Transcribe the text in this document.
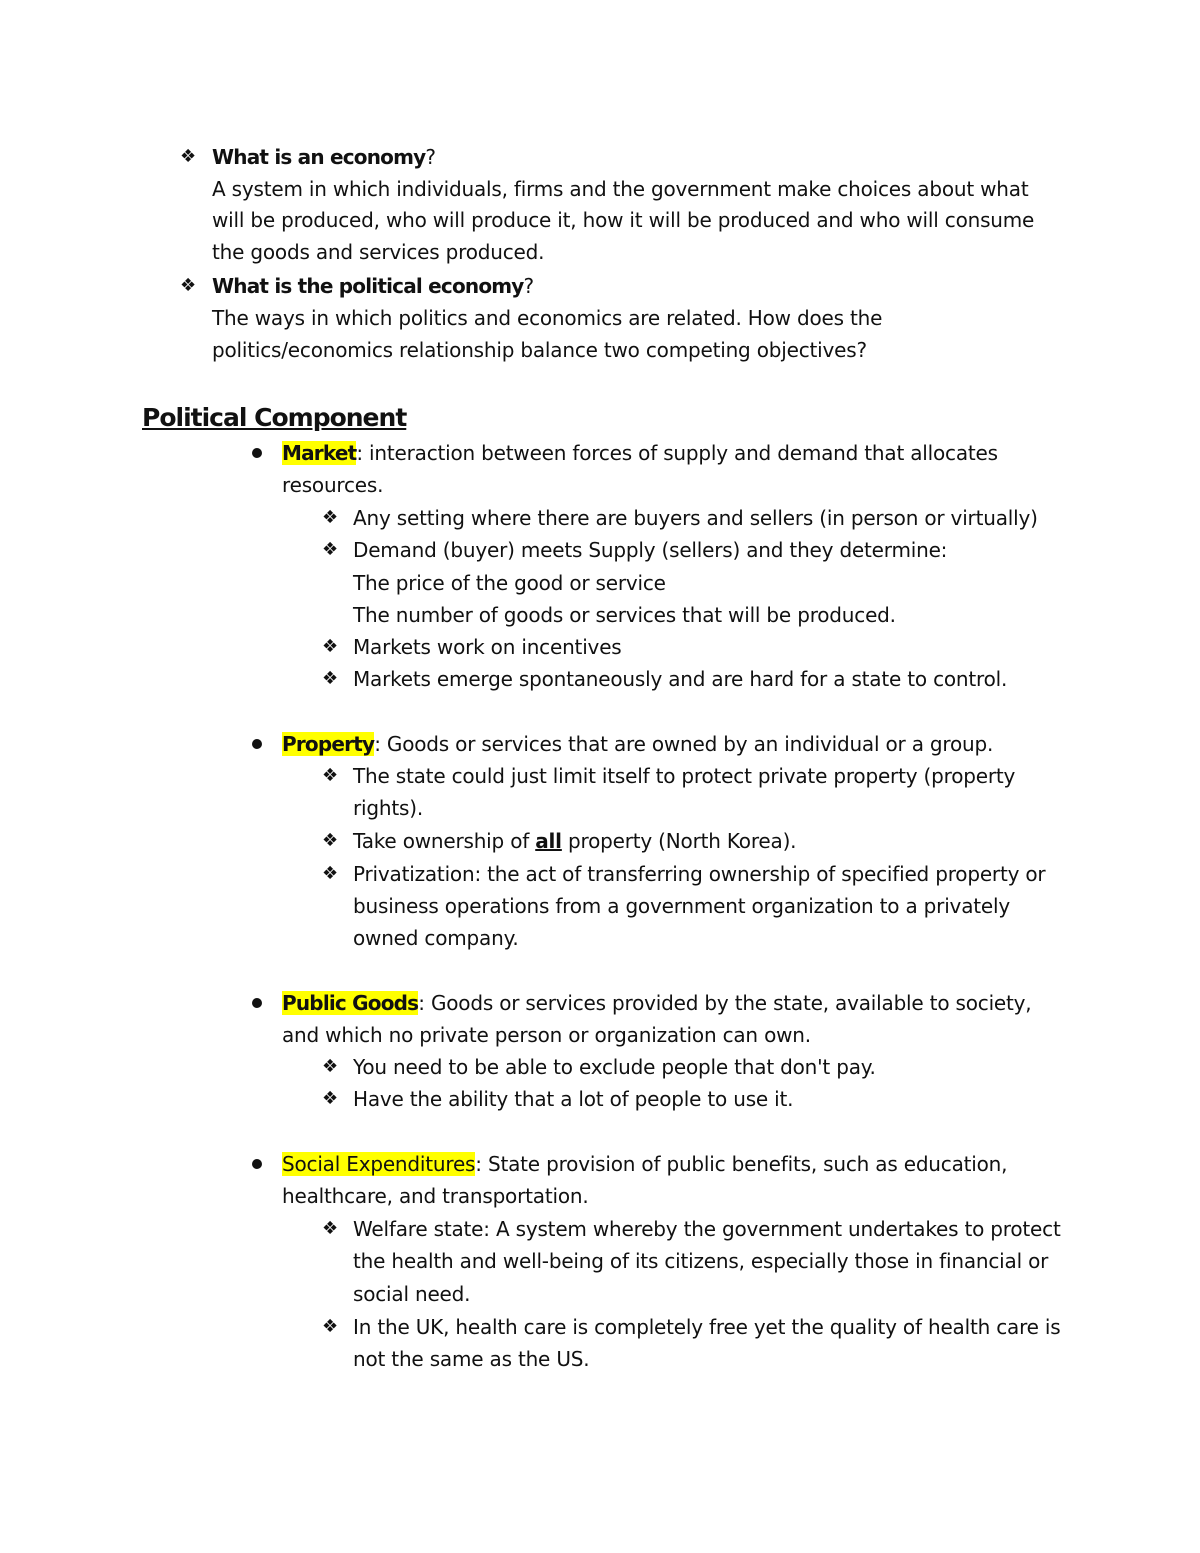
❖ What is an economy?
A system in which individuals, firms and the government make choices about what
will be produced, who will produce it, how it will be produced and who will consume
the goods and services produced.
❖ What is the political economy?
The ways in which politics and economics are related. How does the
politics/economics relationship balance two competing objectives?
Political Component
Market: interaction between forces of supply and demand that allocates
resources.
❖ Any setting where there are buyers and sellers (in person or virtually)
❖ Demand (buyer) meets Supply (sellers) and they determine:
The price of the good or service
The number of goods or services that will be produced.
❖ Markets work on incentives
❖ Markets emerge spontaneously and are hard for a state to control.
Property: Goods or services that are owned by an individual or a group.
❖ The state could just limit itself to protect private property (property
rights).
❖ Take ownership of all property (North Korea).
❖ Privatization: the act of transferring ownership of specified property or
business operations from a government organization to a privately
owned company.
Public Goods: Goods or services provided by the state, available to society,
and which no private person or organization can own.
❖ You need to be able to exclude people that don't pay.
❖ Have the ability that a lot of people to use it.
Social Expenditures: State provision of public benefits, such as education,
healthcare, and transportation.
❖ Welfare state: A system whereby the government undertakes to protect
the health and well-being of its citizens, especially those in financial or
social need.
❖ In the UK, health care is completely free yet the quality of health care is
not the same as the US.
